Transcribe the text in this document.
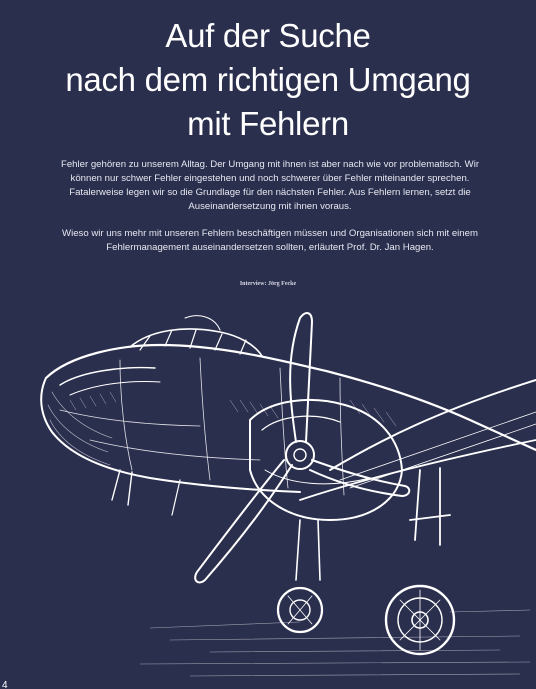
Auf der Suche
nach dem richtigen Umgang
mit Fehlern

Fehler gehören zu unserem Alltag. Der Umgang mit ihnen ist aber nach wie vor problematisch. Wir können nur schwer Fehler eingestehen und noch schwerer über Fehler miteinander sprechen. Fatalerweise legen wir so die Grundlage für den nächsten Fehler. Aus Fehlern lernen, setzt die Auseinandersetzung mit ihnen voraus.

Wieso wir uns mehr mit unseren Fehlern beschäftigen müssen und Organisationen sich mit einem Fehlermanagement auseinandersetzen sollten, erläutert Prof. Dr. Jan Hagen.

Interview: Jörg Fecke
4
